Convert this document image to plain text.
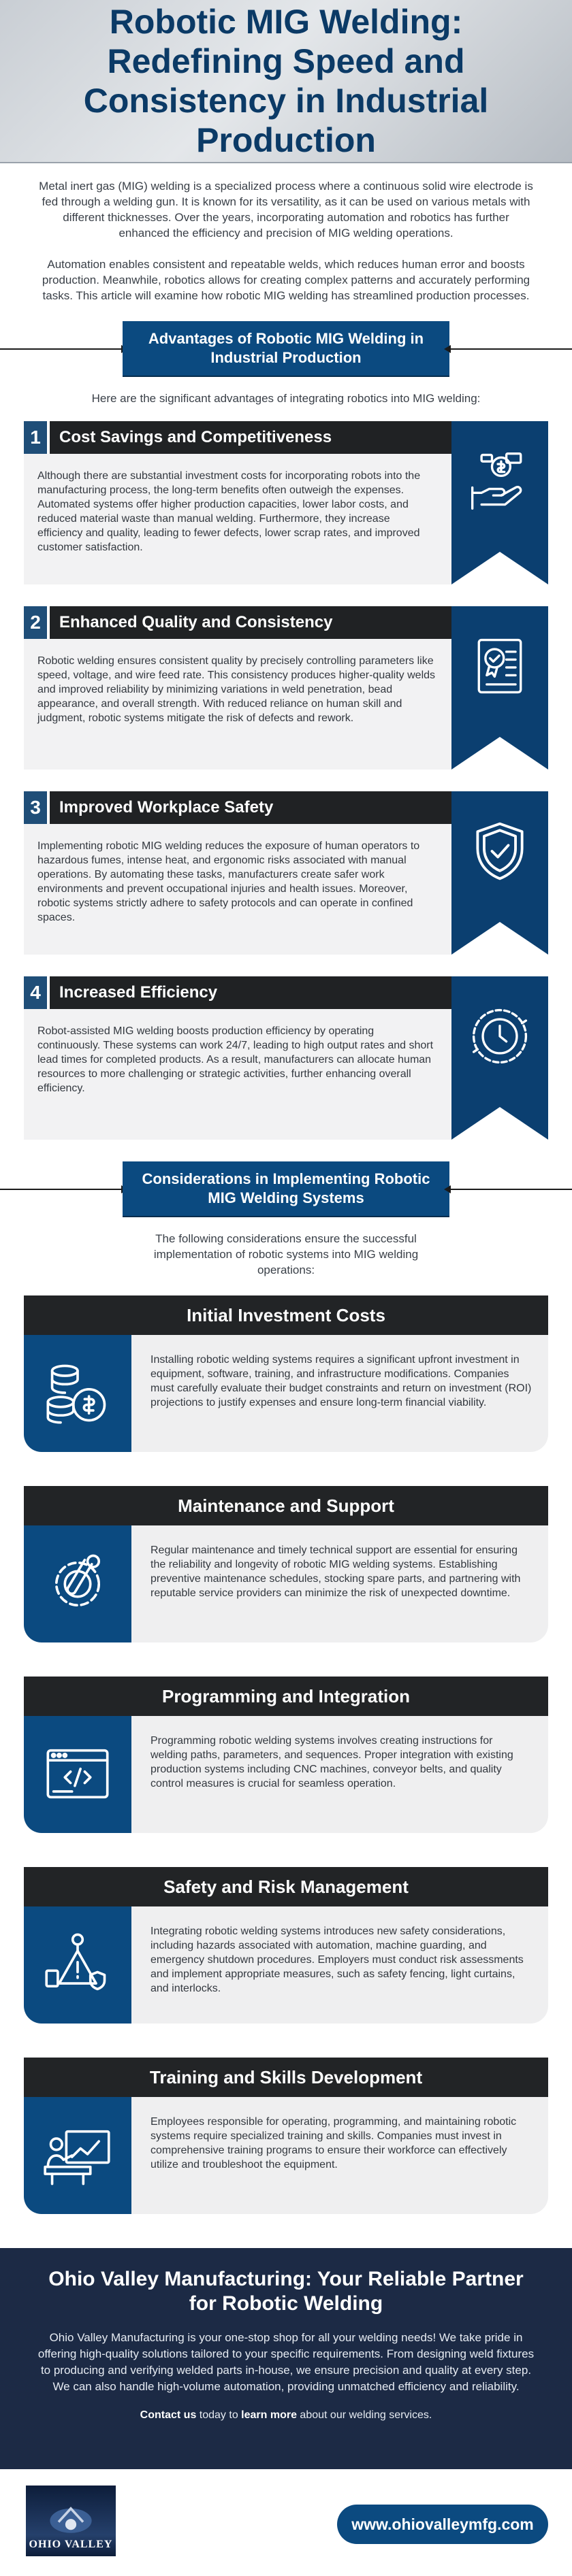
Robotic MIG Welding: Redefining Speed and Consistency in Industrial Production

Metal inert gas (MIG) welding is a specialized process where a continuous solid wire electrode is fed through a welding gun. It is known for its versatility, as it can be used on various metals with different thicknesses. Over the years, incorporating automation and robotics has further enhanced the efficiency and precision of MIG welding operations.

Automation enables consistent and repeatable welds, which reduces human error and boosts production. Meanwhile, robotics allows for creating complex patterns and accurately performing tasks. This article will examine how robotic MIG welding has streamlined production processes.

Advantages of Robotic MIG Welding in Industrial Production

Here are the significant advantages of integrating robotics into MIG welding:

1	Cost Savings and Competitiveness
Although there are substantial investment costs for incorporating robots into the manufacturing process, the long-term benefits often outweigh the expenses. Automated systems offer higher production capacities, lower labor costs, and reduced material waste than manual welding. Furthermore, they increase efficiency and quality, leading to fewer defects, lower scrap rates, and improved customer satisfaction.
2	Enhanced Quality and Consistency
Robotic welding ensures consistent quality by precisely controlling parameters like speed, voltage, and wire feed rate. This consistency produces higher-quality welds and improved reliability by minimizing variations in weld penetration, bead appearance, and overall strength. With reduced reliance on human skill and judgment, robotic systems mitigate the risk of defects and rework.
3	Improved Workplace Safety
Implementing robotic MIG welding reduces the exposure of human operators to hazardous fumes, intense heat, and ergonomic risks associated with manual operations. By automating these tasks, manufacturers create safer work environments and prevent occupational injuries and health issues. Moreover, robotic systems strictly adhere to safety protocols and can operate in confined spaces.
4	Increased Efficiency
Robot-assisted MIG welding boosts production efficiency by operating continuously. These systems can work 24/7, leading to high output rates and short lead times for completed products. As a result, manufacturers can allocate human resources to more challenging or strategic activities, further enhancing overall efficiency.
Considerations in Implementing Robotic MIG Welding Systems

The following considerations ensure the successful implementation of robotic systems into MIG welding operations:

Initial Investment Costs
Installing robotic welding systems requires a significant upfront investment in equipment, software, training, and infrastructure modifications. Companies must carefully evaluate their budget constraints and return on investment (ROI) projections to justify expenses and ensure long-term financial viability.
Maintenance and Support
Regular maintenance and timely technical support are essential for ensuring the reliability and longevity of robotic MIG welding systems. Establishing preventive maintenance schedules, stocking spare parts, and partnering with reputable service providers can minimize the risk of unexpected downtime.
Programming and Integration
Programming robotic welding systems involves creating instructions for welding paths, parameters, and sequences. Proper integration with existing production systems including CNC machines, conveyor belts, and quality control measures is crucial for seamless operation.
Safety and Risk Management
Integrating robotic welding systems introduces new safety considerations, including hazards associated with automation, machine guarding, and emergency shutdown procedures. Employers must conduct risk assessments and implement appropriate measures, such as safety fencing, light curtains, and interlocks.
Training and Skills Development
Employees responsible for operating, programming, and maintaining robotic systems require specialized training and skills. Companies must invest in comprehensive training programs to ensure their workforce can effectively utilize and troubleshoot the equipment.
Ohio Valley Manufacturing: Your Reliable Partner for Robotic Welding

Ohio Valley Manufacturing is your one-stop shop for all your welding needs! We take pride in offering high-quality solutions tailored to your specific requirements. From designing weld fixtures to producing and verifying welded parts in-house, we ensure precision and quality at every step. We can also handle high-volume automation, providing unmatched efficiency and reliability.

Contact us today to learn more about our welding services.

OHIO VALLEY
www.ohiovalleymfg.com
